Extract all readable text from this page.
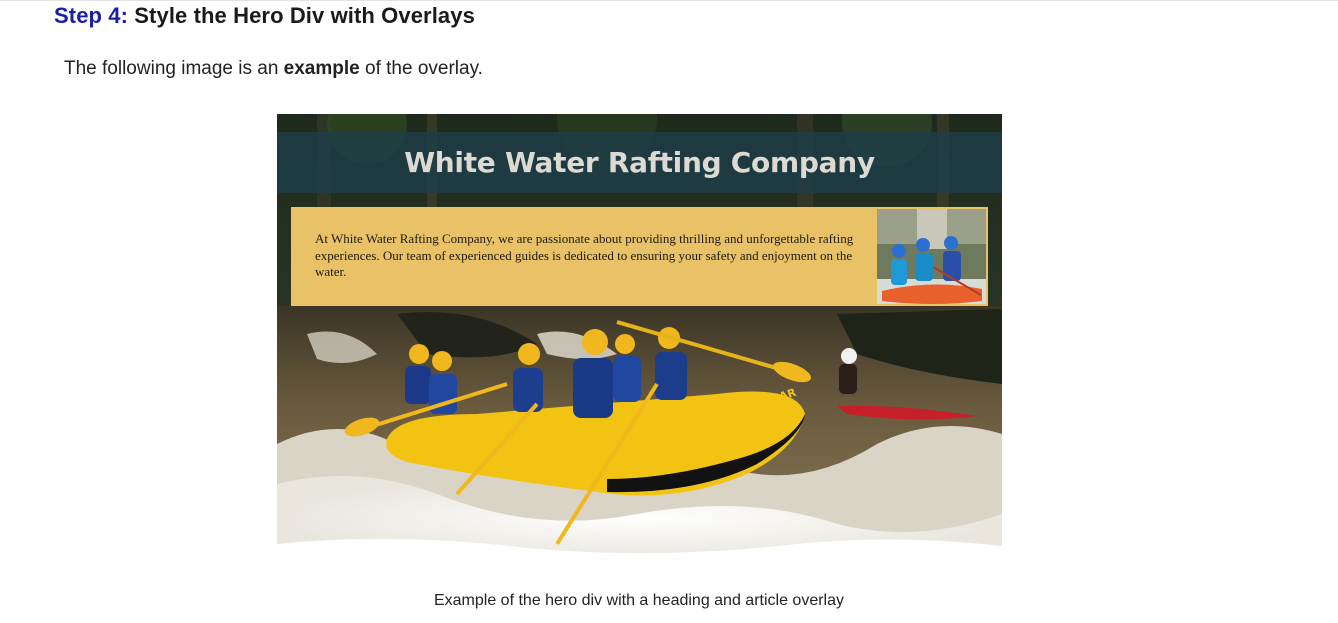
Step 4: Style the Hero Div with Overlays

The following image is an example of the overlay.

REMAR
White Water Rafting Company

At White Water Rafting Company, we are passionate about providing thrilling and unforgettable rafting experiences. Our team of experienced guides is dedicated to ensuring your safety and enjoyment on the water.

Example of the hero div with a heading and article overlay
